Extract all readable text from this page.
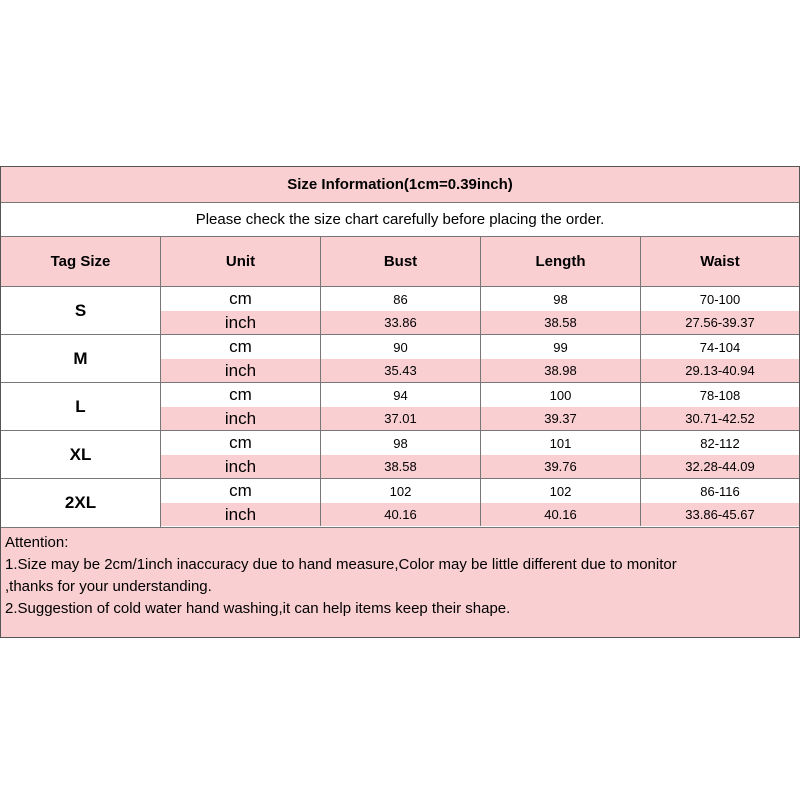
Size Information(1cm=0.39inch)
Please check the size chart carefully before placing the order.
Tag Size	Unit	Bust	Length	Waist
S
cm	86	98	70-100
inch	33.86	38.58	27.56-39.37
M
cm	90	99	74-104
inch	35.43	38.98	29.13-40.94
L
cm	94	100	78-108
inch	37.01	39.37	30.71-42.52
XL
cm	98	101	82-112
inch	38.58	39.76	32.28-44.09
2XL
cm	102	102	86-116
inch	40.16	40.16	33.86-45.67
Attention:
1.Size may be 2cm/1inch inaccuracy due to hand measure,Color may be little different due to monitor
,thanks for your understanding.
2.Suggestion of cold water hand washing,it can help items keep their shape.
